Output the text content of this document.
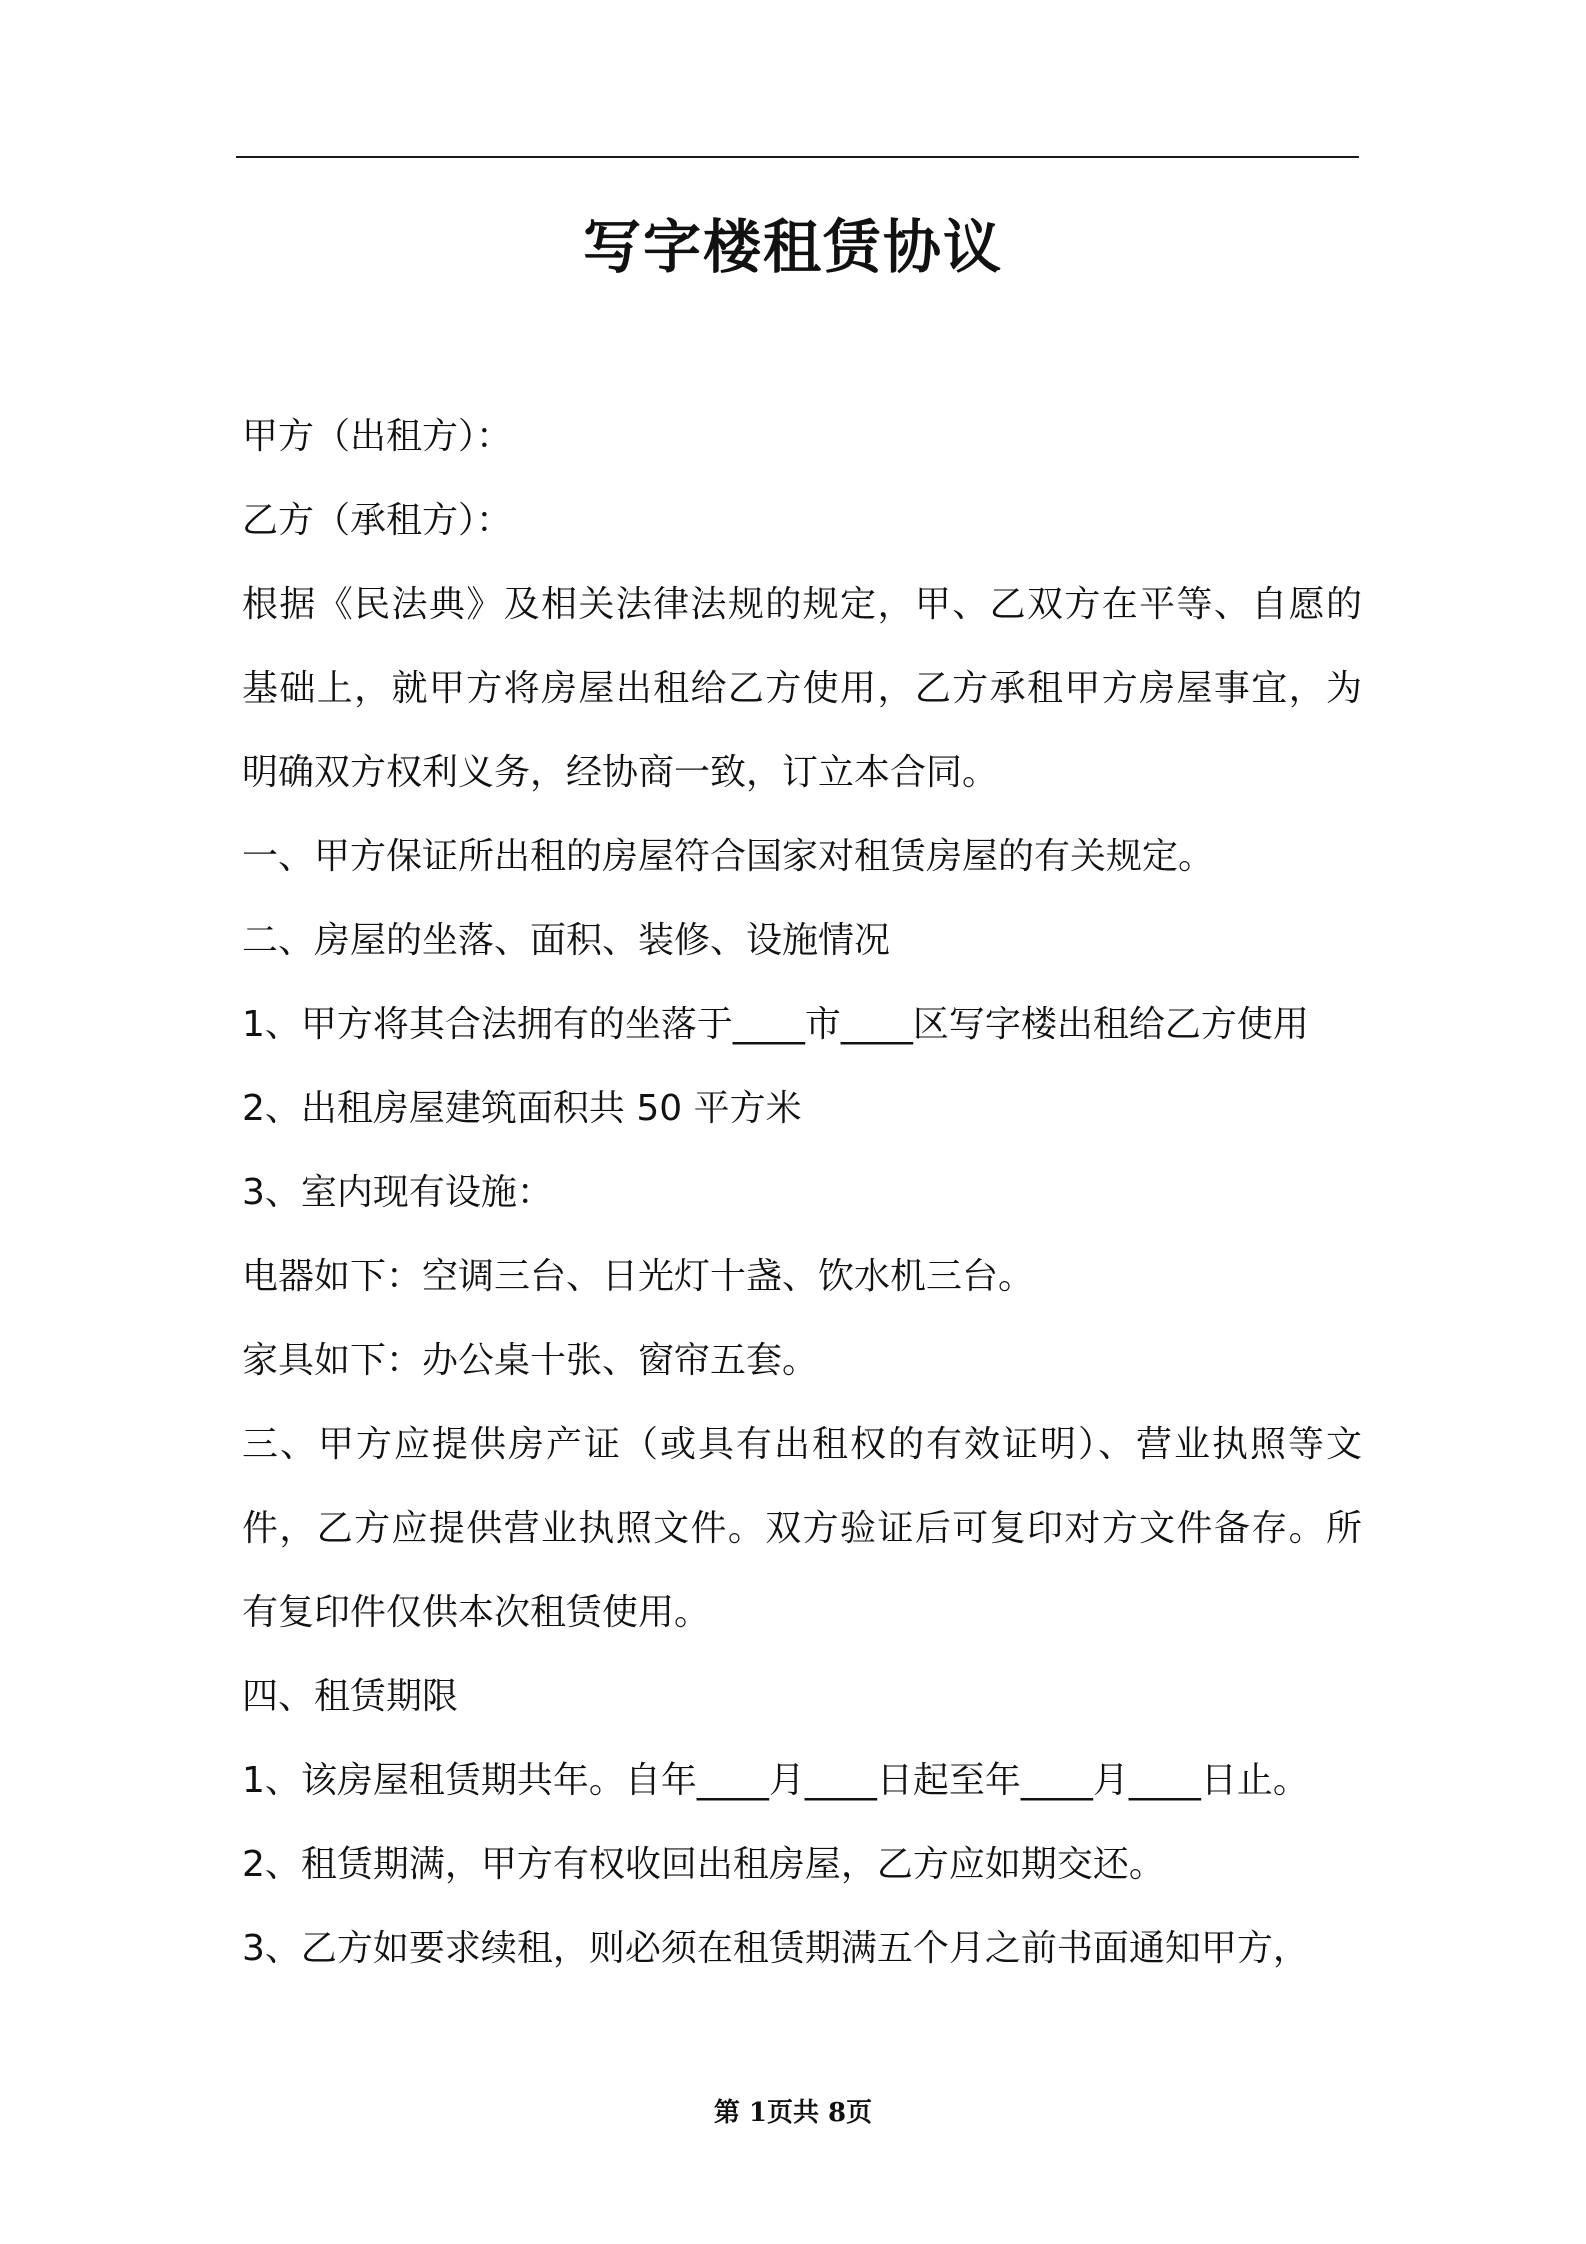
写字楼租赁协议
甲方（出租方）：
乙方（承租方）：
根据《民法典》及相关法律法规的规定，甲、乙双方在平等、自愿的
基础上，就甲方将房屋出租给乙方使用，乙方承租甲方房屋事宜，为
明确双方权利义务，经协商一致，订立本合同。
一、甲方保证所出租的房屋符合国家对租赁房屋的有关规定。
二、房屋的坐落、面积、装修、设施情况
1、甲方将其合法拥有的坐落于____市____区写字楼出租给乙方使用
2、出租房屋建筑面积共 50 平方米
3、室内现有设施：
电器如下：空调三台、日光灯十盏、饮水机三台。
家具如下：办公桌十张、窗帘五套。
三、甲方应提供房产证（或具有出租权的有效证明）、营业执照等文
件，乙方应提供营业执照文件。双方验证后可复印对方文件备存。所
有复印件仅供本次租赁使用。
四、租赁期限
1、该房屋租赁期共年。自年____月____日起至年____月____日止。
2、租赁期满，甲方有权收回出租房屋，乙方应如期交还。
3、乙方如要求续租，则必须在租赁期满五个月之前书面通知甲方，
第 1页共 8页
